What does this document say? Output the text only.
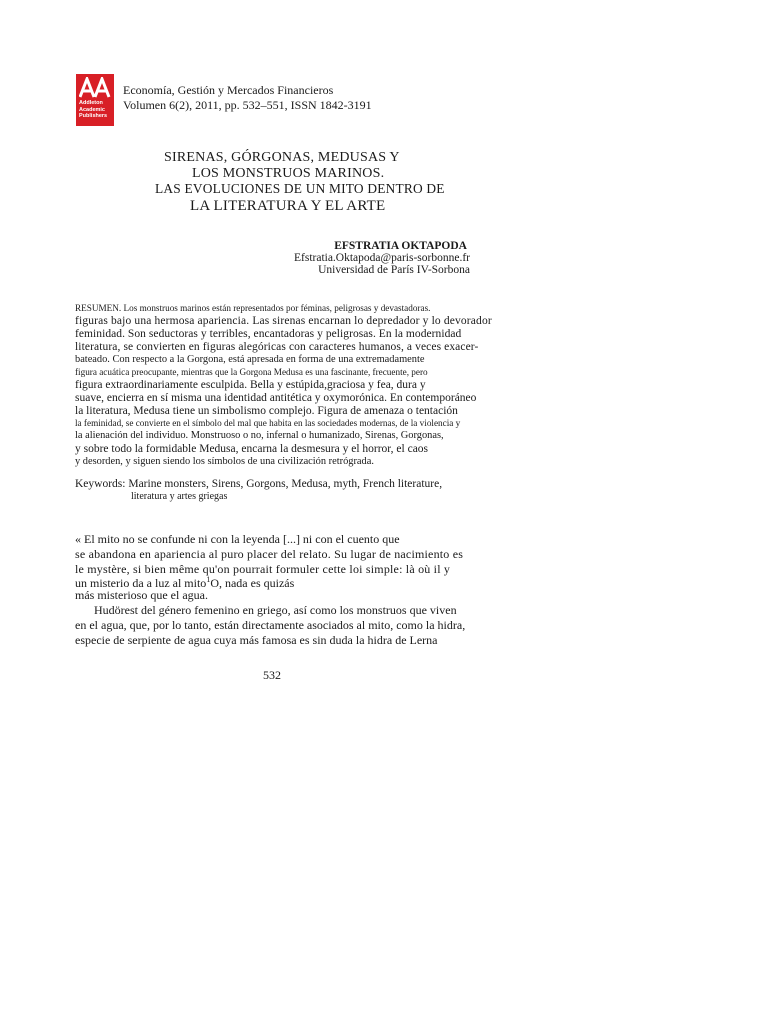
Addleton
Academic
Publishers
Economía, Gestión y Mercados Financieros
Volumen 6(2), 2011, pp. 532–551, ISSN 1842-3191
SIRENAS, GÓRGONAS, MEDUSAS Y
LOS MONSTRUOS MARINOS.
LAS EVOLUCIONES DE UN MITO DENTRO DE
LA LITERATURA Y EL ARTE
EFSTRATIA OKTAPODA
Efstratia.Oktapoda@paris-sorbonne.fr
Universidad de París IV-Sorbona
RESUMEN. Los monstruos marinos están representados por féminas, peligrosas y devastadoras.
figuras bajo una hermosa apariencia. Las sirenas encarnan lo depredador y lo devorador
feminidad. Son seductoras y terribles, encantadoras y peligrosas. En la modernidad
literatura, se convierten en figuras alegóricas con caracteres humanos, a veces exacer-
bateado. Con respecto a la Gorgona, está apresada en forma de una extremadamente
figura acuática preocupante, mientras que la Gorgona Medusa es una fascinante, frecuente, pero
figura extraordinariamente esculpida. Bella y estúpida,graciosa y fea, dura y
suave, encierra en sí misma una identidad antitética y oxymorónica. En contemporáneo
la literatura, Medusa tiene un simbolismo complejo. Figura de amenaza o tentación
la feminidad, se convierte en el símbolo del mal que habita en las sociedades modernas, de la violencia y
la alienación del individuo. Monstruoso o no, infernal o humanizado, Sirenas, Gorgonas,
y sobre todo la formidable Medusa, encarna la desmesura y el horror, el caos
y desorden, y siguen siendo los símbolos de una civilización retrógrada.
Keywords: Marine monsters, Sirens, Gorgons, Medusa, myth, French literature,
literatura y artes griegas
« El mito no se confunde ni con la leyenda [...] ni con el cuento que
se abandona en apariencia al puro placer del relato. Su lugar de nacimiento es
le mystère, si bien même qu'on pourrait formuler cette loi simple: là où il y
un misterio da a luz al mito$^1$O, nada es quizás
más misterioso que el agua.
Hudörest del género femenino en griego, así como los monstruos que viven
en el agua, que, por lo tanto, están directamente asociados al mito, como la hidra,
especie de serpiente de agua cuya más famosa es sin duda la hidra de Lerna
532
